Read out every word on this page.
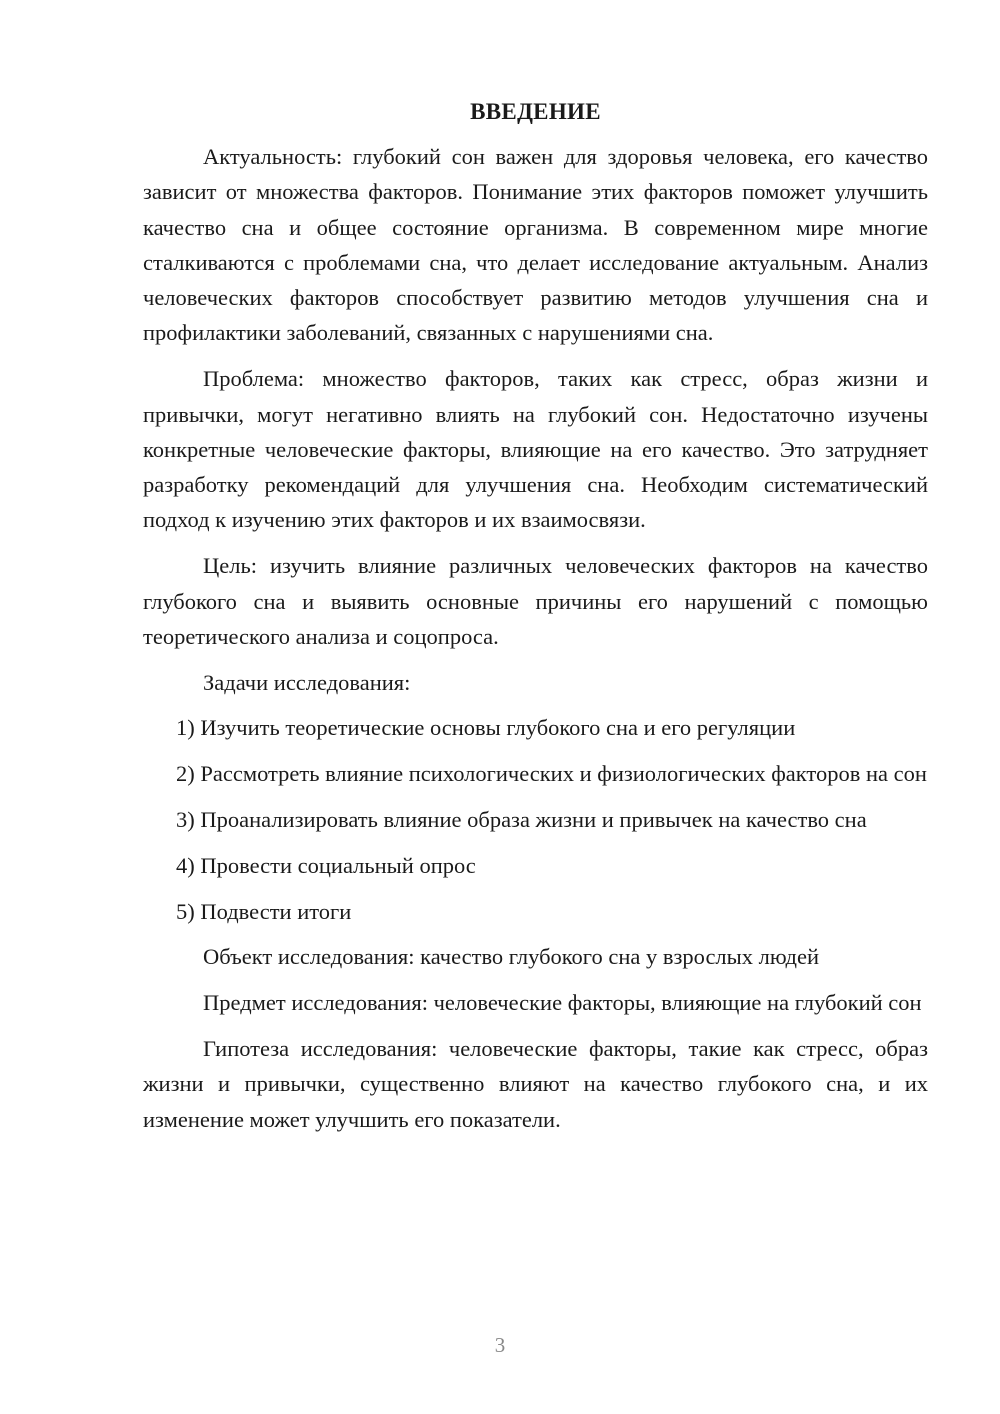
ВВЕДЕНИЕ

Актуальность: глубокий сон важен для здоровья человека, его качество зависит от множества факторов. Понимание этих факторов поможет улучшить качество сна и общее состояние организма. В современном мире многие сталкиваются с проблемами сна, что делает исследование актуальным. Анализ человеческих факторов способствует развитию методов улучшения сна и профилактики заболеваний, связанных с нарушениями сна.

Проблема: множество факторов, таких как стресс, образ жизни и привычки, могут негативно влиять на глубокий сон. Недостаточно изучены конкретные человеческие факторы, влияющие на его качество. Это затрудняет разработку рекомендаций для улучшения сна. Необходим систематический подход к изучению этих факторов и их взаимосвязи.

Цель: изучить влияние различных человеческих факторов на качество глубокого сна и выявить основные причины его нарушений с помощью теоретического анализа и соцопроса.

Задачи исследования:

1) Изучить теоретические основы глубокого сна и его регуляции

2) Рассмотреть влияние психологических и физиологических факторов на сон

3) Проанализировать влияние образа жизни и привычек на качество сна

4) Провести социальный опрос

5) Подвести итоги

Объект исследования: качество глубокого сна у взрослых людей

Предмет исследования: человеческие факторы, влияющие на глубокий сон

Гипотеза исследования: человеческие факторы, такие как стресс, образ жизни и привычки, существенно влияют на качество глубокого сна, и их изменение может улучшить его показатели.

3
